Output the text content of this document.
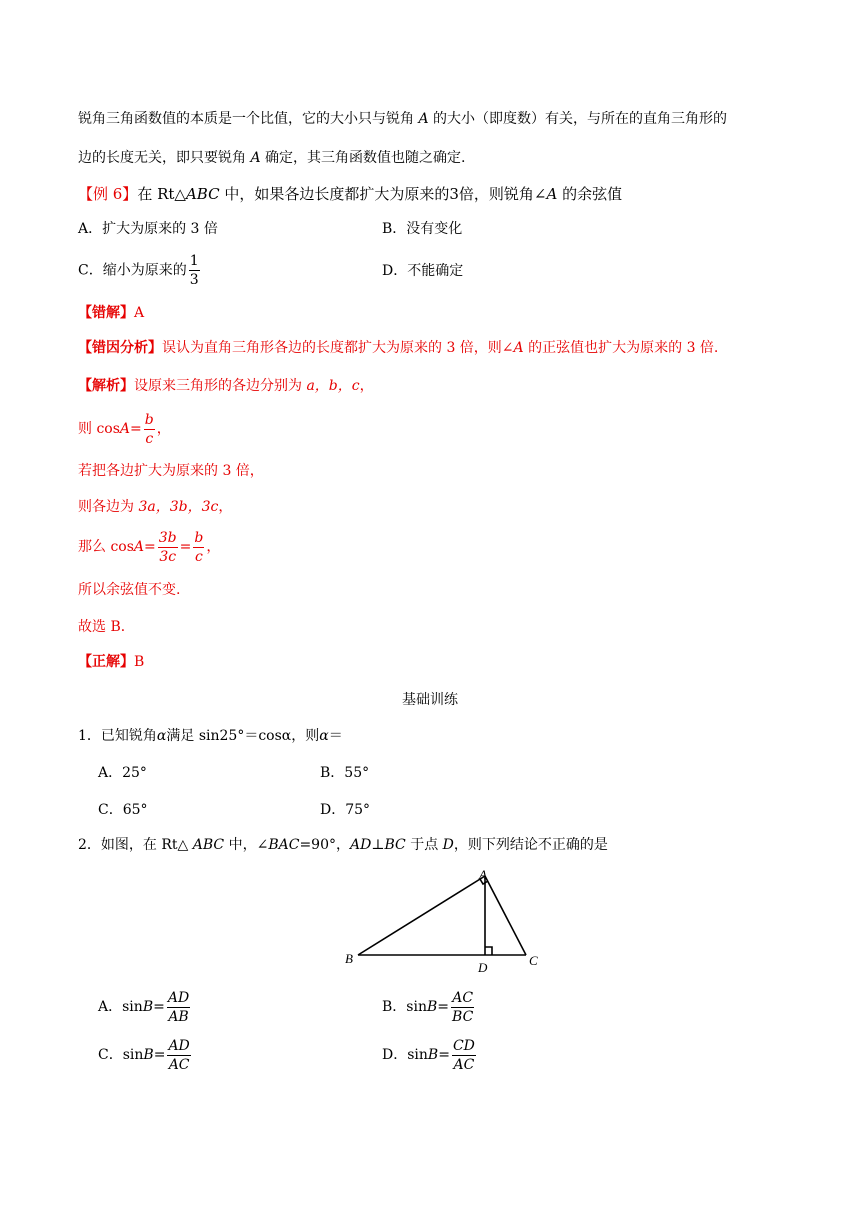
锐角三角函数值的本质是一个比值，它的大小只与锐角 A 的大小（即度数）有关，与所在的直角三角形的
边的长度无关，即只要锐角 A 确定，其三角函数值也随之确定.
【例 6】在 Rt△ABC 中，如果各边长度都扩大为原来的3倍，则锐角∠A 的余弦值
A．扩大为原来的 3 倍	B．没有变化
C．缩小为原来的 $\frac{1}{3}$	D．不能确定
【错解】A
【错因分析】误认为直角三角形各边的长度都扩大为原来的 3 倍，则∠A 的正弦值也扩大为原来的 3 倍.
【解析】设原来三角形的各边分别为 a，b，c，
则 $\cos A= \frac{b}{c}$ ，
若把各边扩大为原来的 3 倍，
则各边为 3a，3b，3c，
那么 $\cos A= \frac{3b}{3c} = \frac{b}{c}$ ，
所以余弦值不变.
故选 B．
【正解】B
基础训练
1．已知锐角α满足 sin25°＝cosα，则α＝
A．25°	B．55°
C．65°	D．75°
2．如图，在 Rt△ ABC 中，∠BAC=90°，AD⊥BC 于点 D，则下列结论不正确的是
A
B	C
D
A．$\sin B= \frac{AD}{AB}$	B．$\sin B= \frac{AC}{BC}$
C．$\sin B= \frac{AD}{AC}$	D．$\sin B= \frac{CD}{AC}$
